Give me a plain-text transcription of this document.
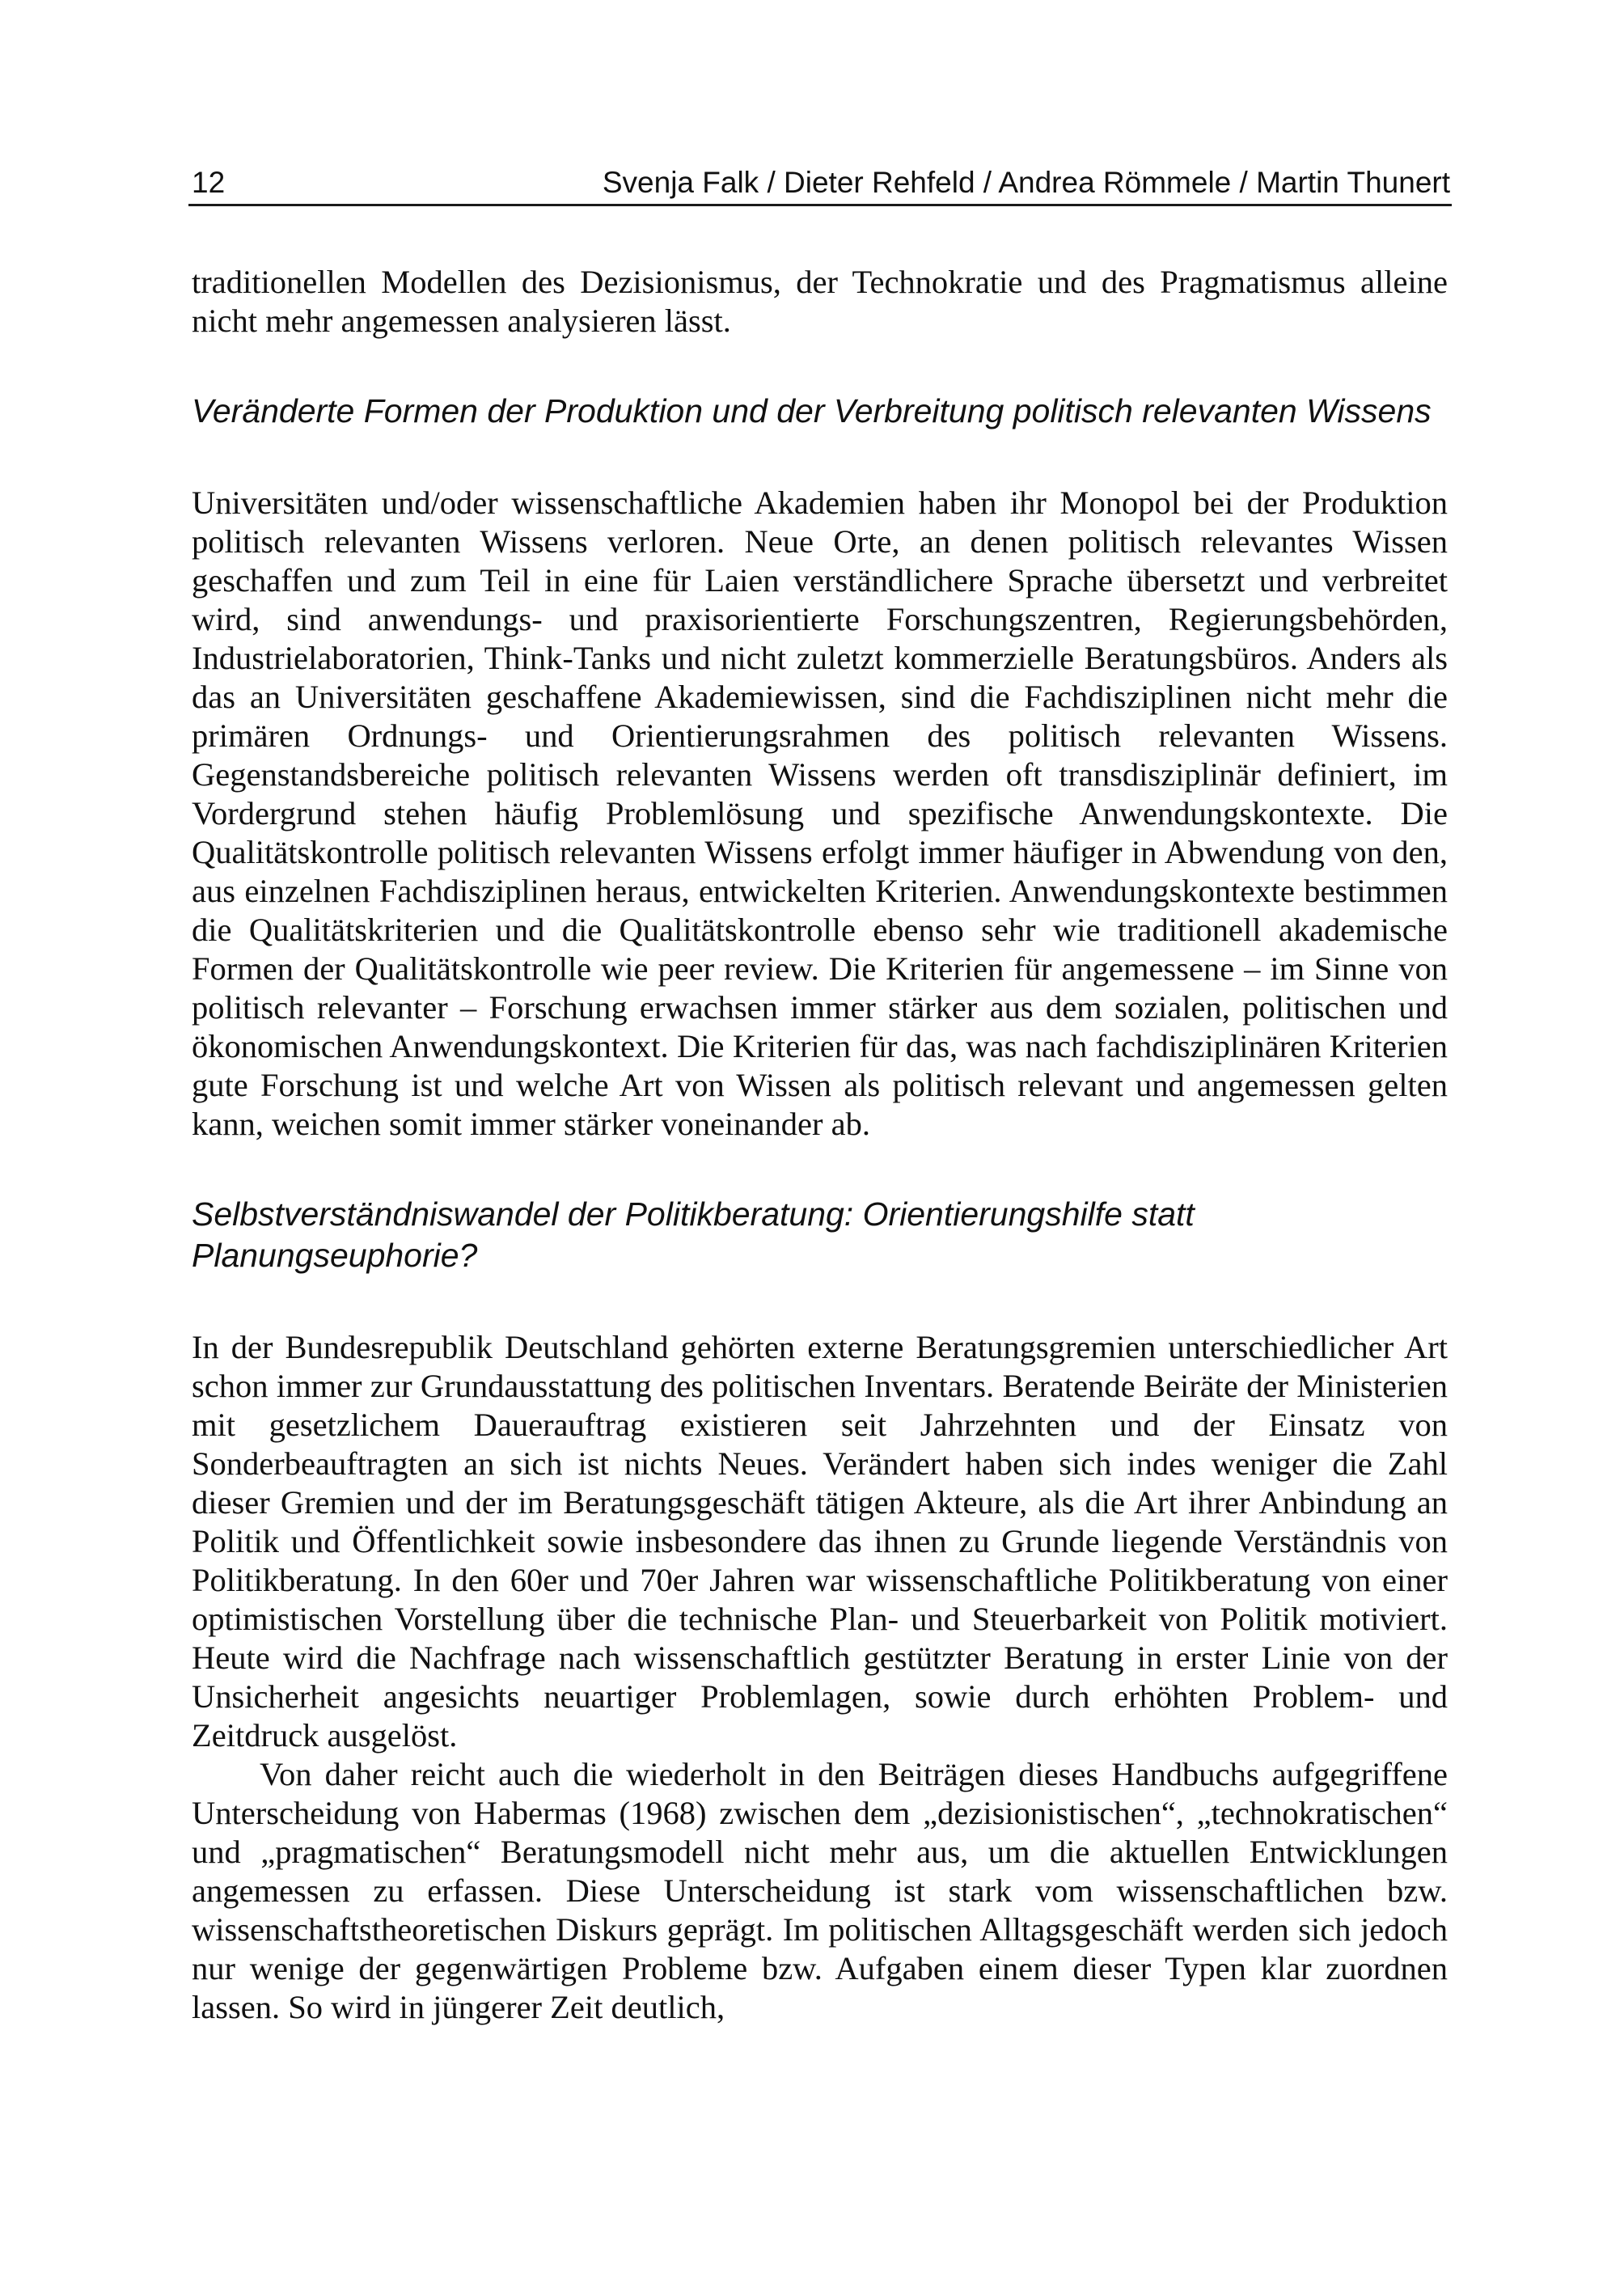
12	Svenja Falk / Dieter Rehfeld / Andrea Römmele / Martin Thunert

traditionellen Modellen des Dezisionismus, der Technokratie und des Pragmatismus alleine nicht mehr angemessen analysieren lässt.

Veränderte Formen der Produktion und der Verbreitung politisch relevanten Wissens

Universitäten und/oder wissenschaftliche Akademien haben ihr Monopol bei der Produktion politisch relevanten Wissens verloren. Neue Orte, an denen politisch relevantes Wissen geschaffen und zum Teil in eine für Laien verständlichere Sprache übersetzt und verbreitet wird, sind anwendungs- und praxisorientierte Forschungszentren, Regierungsbehörden, Industrielaboratorien, Think-Tanks und nicht zuletzt kommerzielle Beratungsbüros. Anders als das an Universitäten geschaffene Akademiewissen, sind die Fachdisziplinen nicht mehr die primären Ordnungs- und Orientierungsrahmen des politisch relevanten Wissens. Gegenstandsbereiche politisch relevanten Wissens werden oft transdisziplinär definiert, im Vordergrund stehen häufig Problemlösung und spezifische Anwendungskontexte. Die Qualitätskontrolle politisch relevanten Wissens erfolgt immer häufiger in Abwendung von den, aus einzelnen Fachdisziplinen heraus, entwickelten Kriterien. Anwendungskontexte bestimmen die Qualitätskriterien und die Qualitätskontrolle ebenso sehr wie traditionell akademische Formen der Qualitätskontrolle wie peer review. Die Kriterien für angemessene – im Sinne von politisch relevanter – Forschung erwachsen immer stärker aus dem sozialen, politischen und ökonomischen Anwendungskontext. Die Kriterien für das, was nach fachdisziplinären Kriterien gute Forschung ist und welche Art von Wissen als politisch relevant und angemessen gelten kann, weichen somit immer stärker voneinander ab.

Selbstverständniswandel der Politikberatung: Orientierungshilfe statt Planungseuphorie?

In der Bundesrepublik Deutschland gehörten externe Beratungsgremien unterschiedlicher Art schon immer zur Grundausstattung des politischen Inventars. Beratende Beiräte der Ministerien mit gesetzlichem Dauerauftrag existieren seit Jahrzehnten und der Einsatz von Sonderbeauftragten an sich ist nichts Neues. Verändert haben sich indes weniger die Zahl dieser Gremien und der im Beratungsgeschäft tätigen Akteure, als die Art ihrer Anbindung an Politik und Öffentlichkeit sowie insbesondere das ihnen zu Grunde liegende Verständnis von Politikberatung. In den 60er und 70er Jahren war wissenschaftliche Politikberatung von einer optimistischen Vorstellung über die technische Plan- und Steuerbarkeit von Politik motiviert. Heute wird die Nachfrage nach wissenschaftlich gestützter Beratung in erster Linie von der Unsicherheit angesichts neuartiger Problemlagen, sowie durch erhöhten Problem- und Zeitdruck ausgelöst.

Von daher reicht auch die wiederholt in den Beiträgen dieses Handbuchs aufgegriffene Unterscheidung von Habermas (1968) zwischen dem „dezisionistischen“, „technokratischen“ und „pragmatischen“ Beratungsmodell nicht mehr aus, um die aktuellen Entwicklungen angemessen zu erfassen. Diese Unterscheidung ist stark vom wissenschaftlichen bzw. wissenschaftstheoretischen Diskurs geprägt. Im politischen Alltagsgeschäft werden sich jedoch nur wenige der gegenwärtigen Probleme bzw. Aufgaben einem dieser Typen klar zuordnen lassen. So wird in jüngerer Zeit deutlich,
